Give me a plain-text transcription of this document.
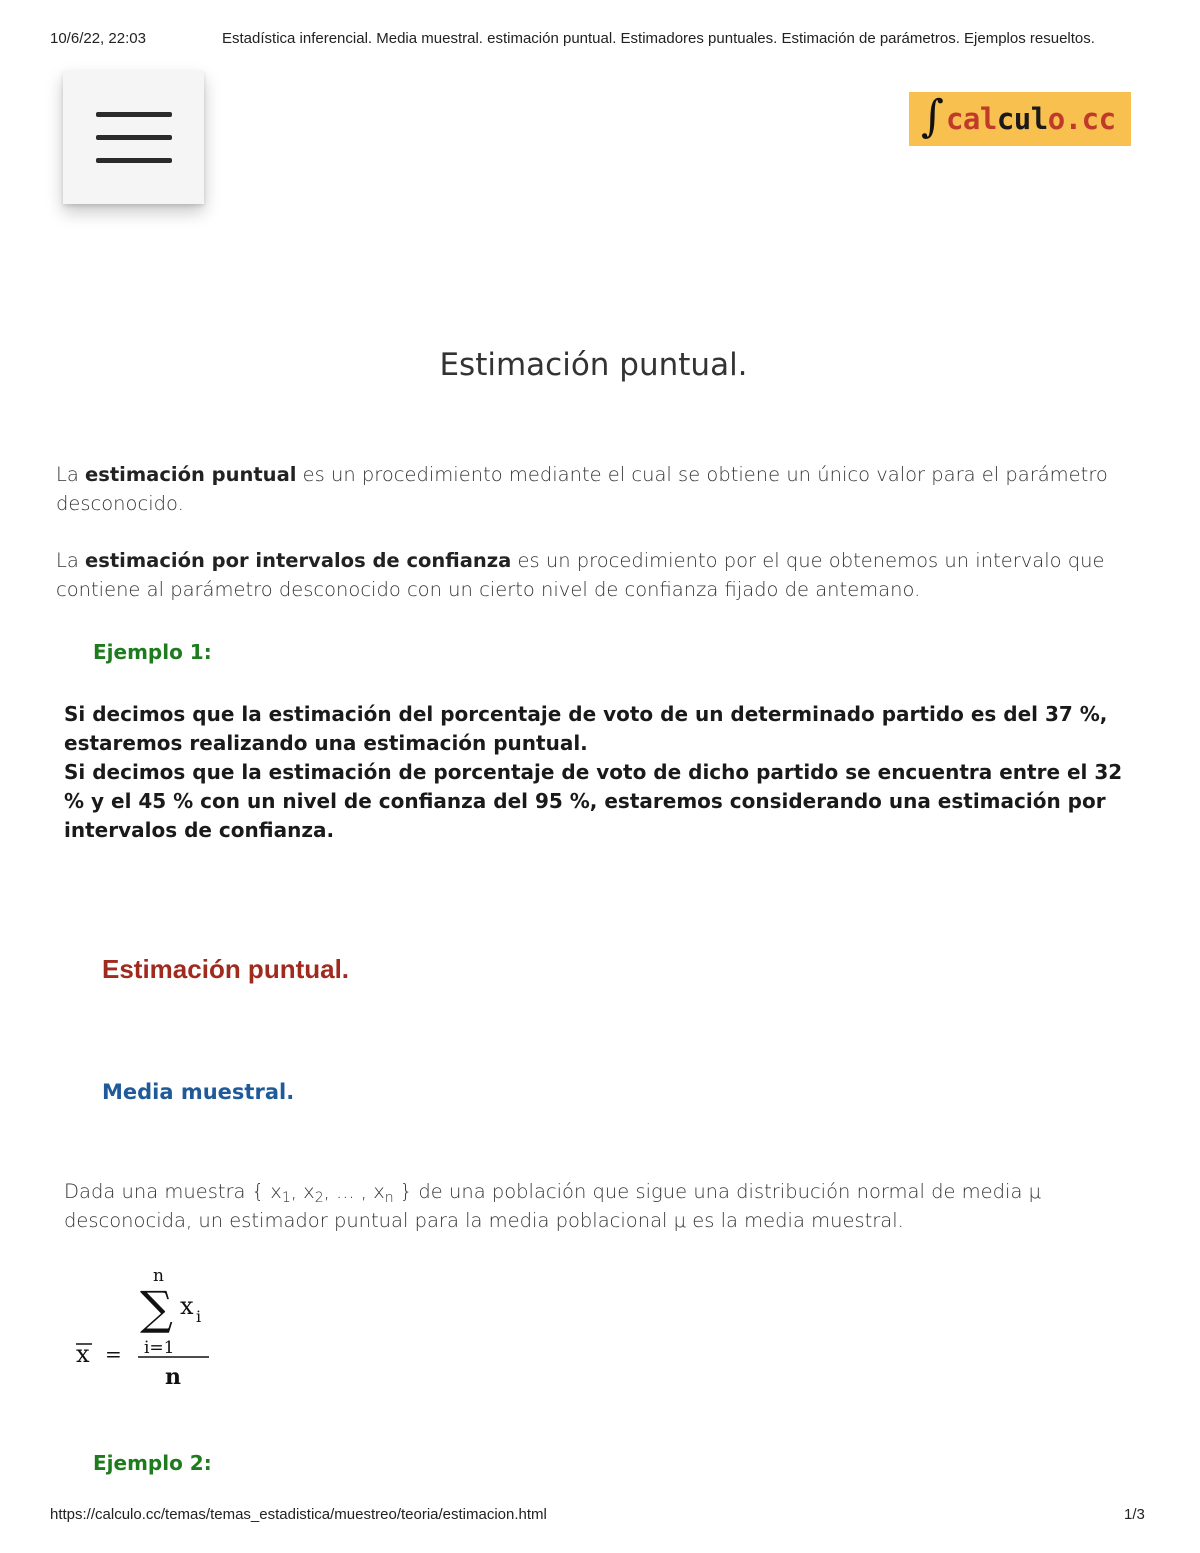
10/6/22, 22:03	Estadística inferencial. Media muestral. estimación puntual. Estimadores puntuales. Estimación de parámetros. Ejemplos resueltos.
∫ calculo.cc
Estimación puntual.
La estimación puntual es un procedimiento mediante el cual se obtiene un único valor para el parámetro desconocido.
La estimación por intervalos de confianza es un procedimiento por el que obtenemos un intervalo que contiene al parámetro desconocido con un cierto nivel de confianza fijado de antemano.
Ejemplo 1:
Si decimos que la estimación del porcentaje de voto de un determinado partido es del 37 %, estaremos realizando una estimación puntual.
Si decimos que la estimación de porcentaje de voto de dicho partido se encuentra entre el 32 % y el 45 % con un nivel de confianza del 95 %, estaremos considerando una estimación por intervalos de confianza.
Estimación puntual.
Media muestral.
Dada una muestra { $x_1$, $x_2$, ... , $x_n$ } de una población que sigue una distribución normal de media μ desconocida, un estimador puntual para la media poblacional μ es la media muestral.
n
∑ x i
i=1
n
x =
Ejemplo 2:
https://calculo.cc/temas/temas_estadistica/muestreo/teoria/estimacion.html	1/3
